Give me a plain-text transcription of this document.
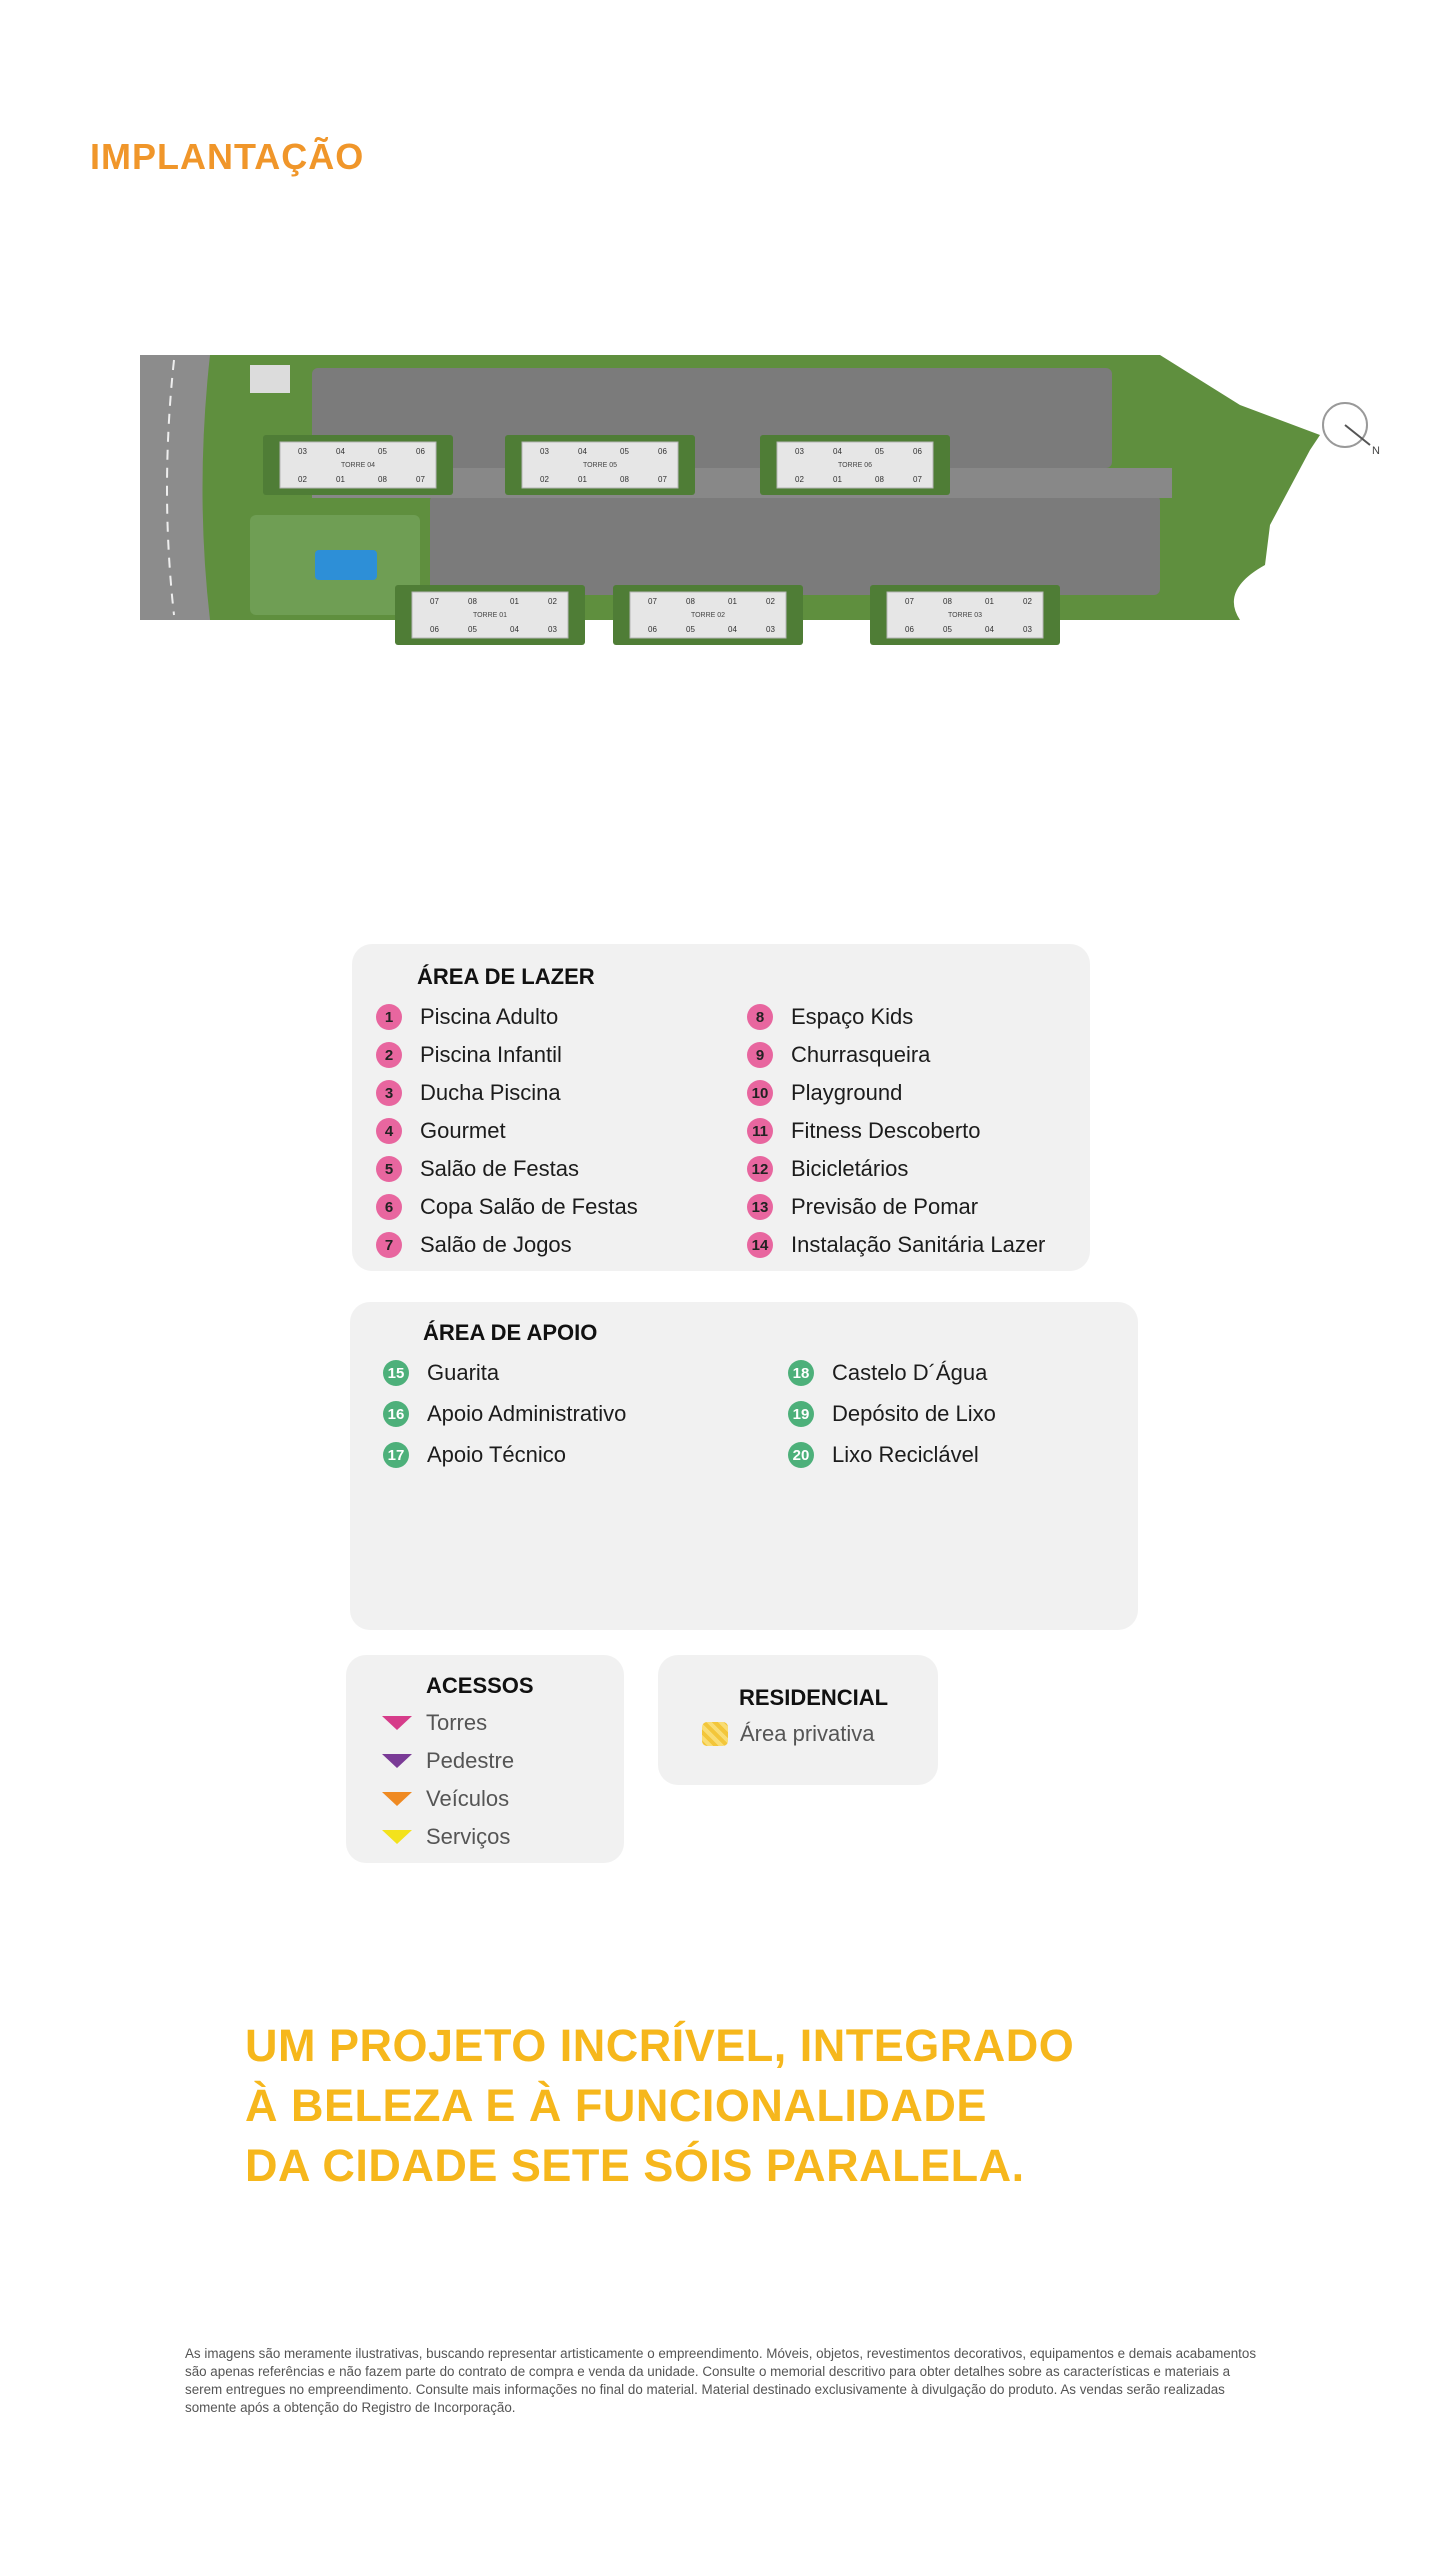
IMPLANTAÇÃO
N
TORRE 04
03	04	05	06
02	01	08	07
TORRE 05
03	04	05	06
02	01	08	07
TORRE 06
03	04	05	06
02	01	08	07
TORRE 01
07	08	01	02
06	05	04	03
TORRE 02
07	08	01	02
06	05	04	03
TORRE 03
07	08	01	02
06	05	04	03
ÁREA DE LAZER
1	Piscina Adulto
2	Piscina Infantil
3	Ducha Piscina
4	Gourmet
5	Salão de Festas
6	Copa Salão de Festas
7	Salão de Jogos
8	Espaço Kids
9	Churrasqueira
10 Playground
11 Fitness Descoberto
12 Bicicletários
13 Previsão de Pomar
14 Instalação Sanitária Lazer
ÁREA DE APOIO
15 Guarita
16 Apoio Administrativo
17 Apoio Técnico
18 Castelo D´Água
19 Depósito de Lixo
20 Lixo Reciclável
ACESSOS
Torres
Pedestre
Veículos
Serviços
RESIDENCIAL
Área privativa
UM PROJETO INCRÍVEL, INTEGRADO
À BELEZA E À FUNCIONALIDADE
DA CIDADE SETE SÓIS PARALELA.

As imagens são meramente ilustrativas, buscando representar artisticamente o empreendimento. Móveis, objetos, revestimentos decorativos, equipamentos e demais acabamentos são apenas referências e não fazem parte do contrato de compra e venda da unidade. Consulte o memorial descritivo para obter detalhes sobre as características e materiais a serem entregues no empreendimento. Consulte mais informações no final do material. Material destinado exclusivamente à divulgação do produto. As vendas serão realizadas somente após a obtenção do Registro de Incorporação.
